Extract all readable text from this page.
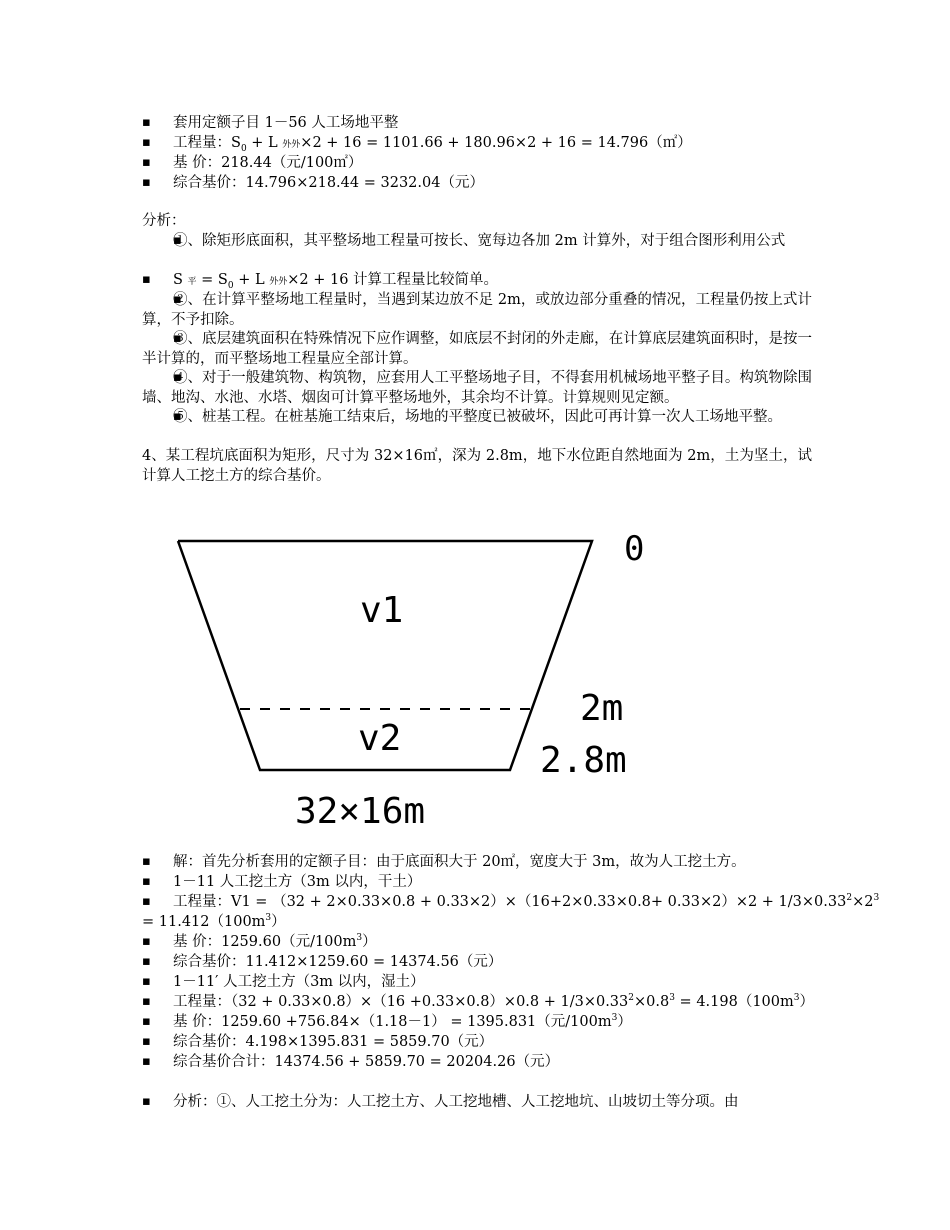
▪ 套用定额子目 1－56 人工场地平整
▪ 工程量：$S_0 + L$ 外外×2 + 16 = 1101.66 + 180.96×2 + 16 = 14.796（㎡）
▪ 基 价：218.44（元/100㎡）
▪ 综合基价：14.796×218.44 = 3232.04（元）
分析：
▪ ①、除矩形底面积，其平整场地工程量可按长、宽每边各加 2m 计算外，对于组合图形利用公式
▪ S 平 = $S_0 + L$ 外外×2 + 16 计算工程量比较简单。
▪ ②、在计算平整场地工程量时，当遇到某边放不足 2m，或放边部分重叠的情况，工程量仍按上式计算，不予扣除。
▪ ③、底层建筑面积在特殊情况下应作调整，如底层不封闭的外走廊，在计算底层建筑面积时，是按一半计算的，而平整场地工程量应全部计算。
▪ ④、对于一般建筑物、构筑物，应套用人工平整场地子目，不得套用机械场地平整子目。构筑物除围墙、地沟、水池、水塔、烟囱可计算平整场地外，其余均不计算。计算规则见定额。
▪ ⑤、桩基工程。在桩基施工结束后，场地的平整度已被破坏，因此可再计算一次人工场地平整。
4、某工程坑底面积为矩形，尺寸为 32×16㎡，深为 2.8m，地下水位距自然地面为 2m，土为坚土，试计算人工挖土方的综合基价。
0
v1
v2
2m
2.8m
32×16m
▪ 解：首先分析套用的定额子目：由于底面积大于 20㎡，宽度大于 3m，故为人工挖土方。
▪ 1－11 人工挖土方（3m 以内，干土）
▪ 工程量：$V1 = (32 + 2\times 0.33\times 0.8 + 0.33\times 2)\times(16+2\times 0.33\times 0.8+ 0.33\times 2)\times 2 + 1/3\times 0.33^2\times 2^3$
= $11.412(100m^3)$
▪ 基 价：1259.60（元$/100m^3$）
▪ 综合基价：11.412×1259.60 = 14374.56（元）
▪ 1－11′ 人工挖土方（3m 以内，湿土）
▪ 工程量：$(32 + 0.33\times 0.8)\times(16 +0.33\times 0.8)\times 0.8 + 1/3\times 0.33^2\times 0.8^3 = 4.198(100m^3)$
▪ 基 价：1259.60 +756.84×（1.18－1） = 1395.831（元$/100m^3$）
▪ 综合基价：4.198×1395.831 = 5859.70（元）
▪ 综合基价合计：14374.56 + 5859.70 = 20204.26（元）
▪ 分析：①、人工挖土分为：人工挖土方、人工挖地槽、人工挖地坑、山坡切土等分项。由
